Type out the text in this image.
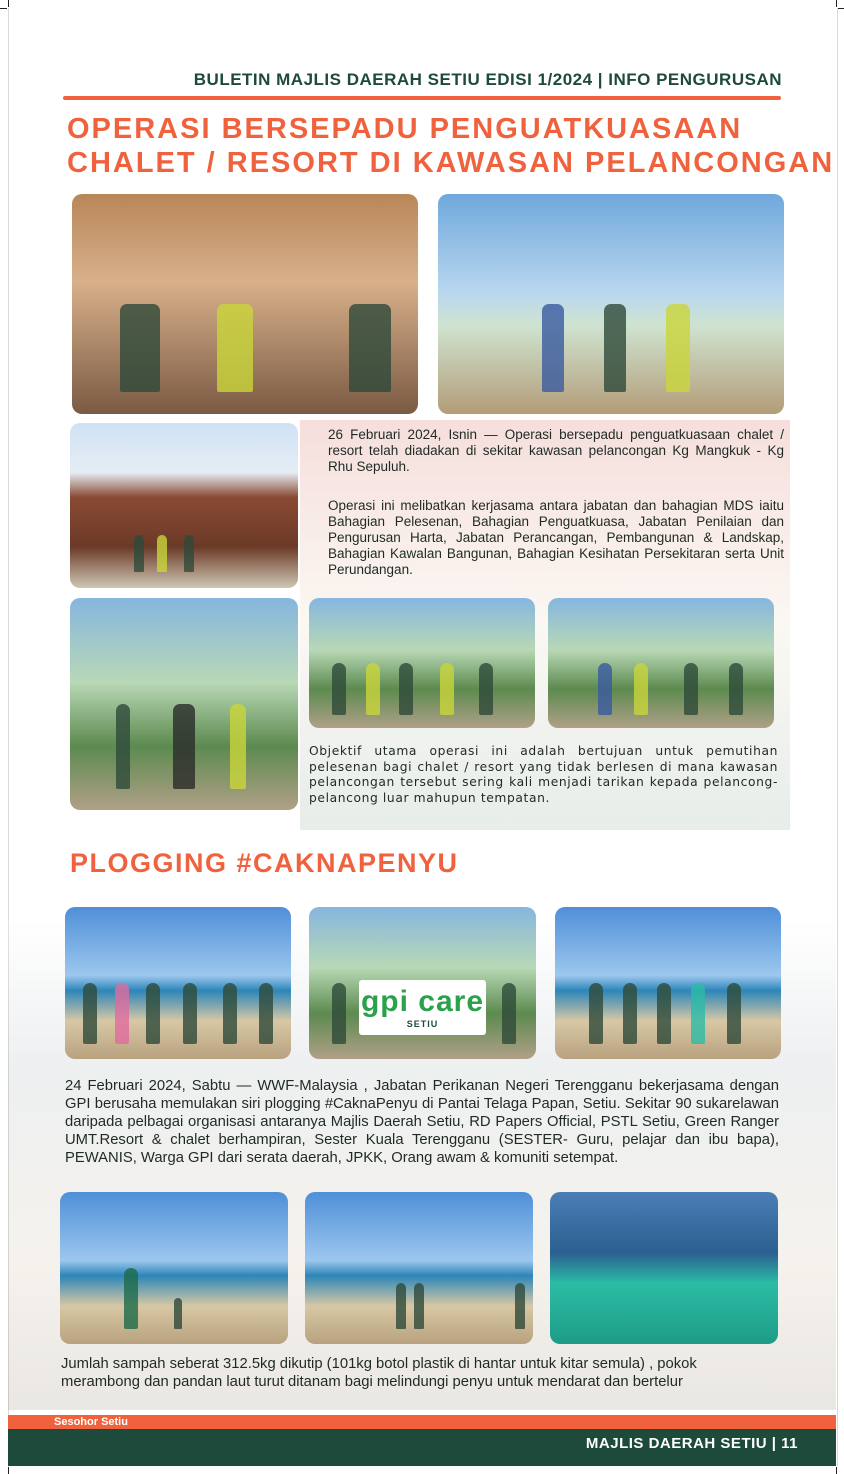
BULETIN MAJLIS DAERAH SETIU EDISI 1/2024 | INFO PENGURUSAN
OPERASI BERSEPADU PENGUATKUASAAN
CHALET / RESORT DI KAWASAN PELANCONGAN
26 Februari 2024, Isnin — Operasi bersepadu penguatkuasaan chalet / resort telah diadakan di sekitar kawasan pelancongan Kg Mangkuk - Kg Rhu Sepuluh.
Operasi ini melibatkan kerjasama antara jabatan dan bahagian MDS iaitu Bahagian Pelesenan, Bahagian Penguatkuasa, Jabatan Penilaian dan Pengurusan Harta, Jabatan Perancangan, Pembangunan & Landskap, Bahagian Kawalan Bangunan, Bahagian Kesihatan Persekitaran serta Unit Perundangan.
Objektif utama operasi ini adalah bertujuan untuk pemutihan pelesenan bagi chalet / resort yang tidak berlesen di mana kawasan pelancongan tersebut sering kali menjadi tarikan kepada pelancong-pelancong luar mahupun tempatan.
PLOGGING #CAKNAPENYU
gpi care
SETIU
24 Februari 2024, Sabtu — WWF-Malaysia , Jabatan Perikanan Negeri Terengganu bekerjasama dengan GPI berusaha memulakan siri plogging #CaknaPenyu di Pantai Telaga Papan, Setiu. Sekitar 90 sukarelawan daripada pelbagai organisasi antaranya Majlis Daerah Setiu, RD Papers Official, PSTL Setiu, Green Ranger UMT.Resort & chalet berhampiran, Sester Kuala Terengganu (SESTER- Guru, pelajar dan ibu bapa), PEWANIS, Warga GPI dari serata daerah, JPKK, Orang awam & komuniti setempat.
Jumlah sampah seberat 312.5kg dikutip (101kg botol plastik di hantar untuk kitar semula) , pokok merambong dan pandan laut turut ditanam bagi melindungi penyu untuk mendarat dan bertelur
Sesohor Setiu
MAJLIS DAERAH SETIU | 11
